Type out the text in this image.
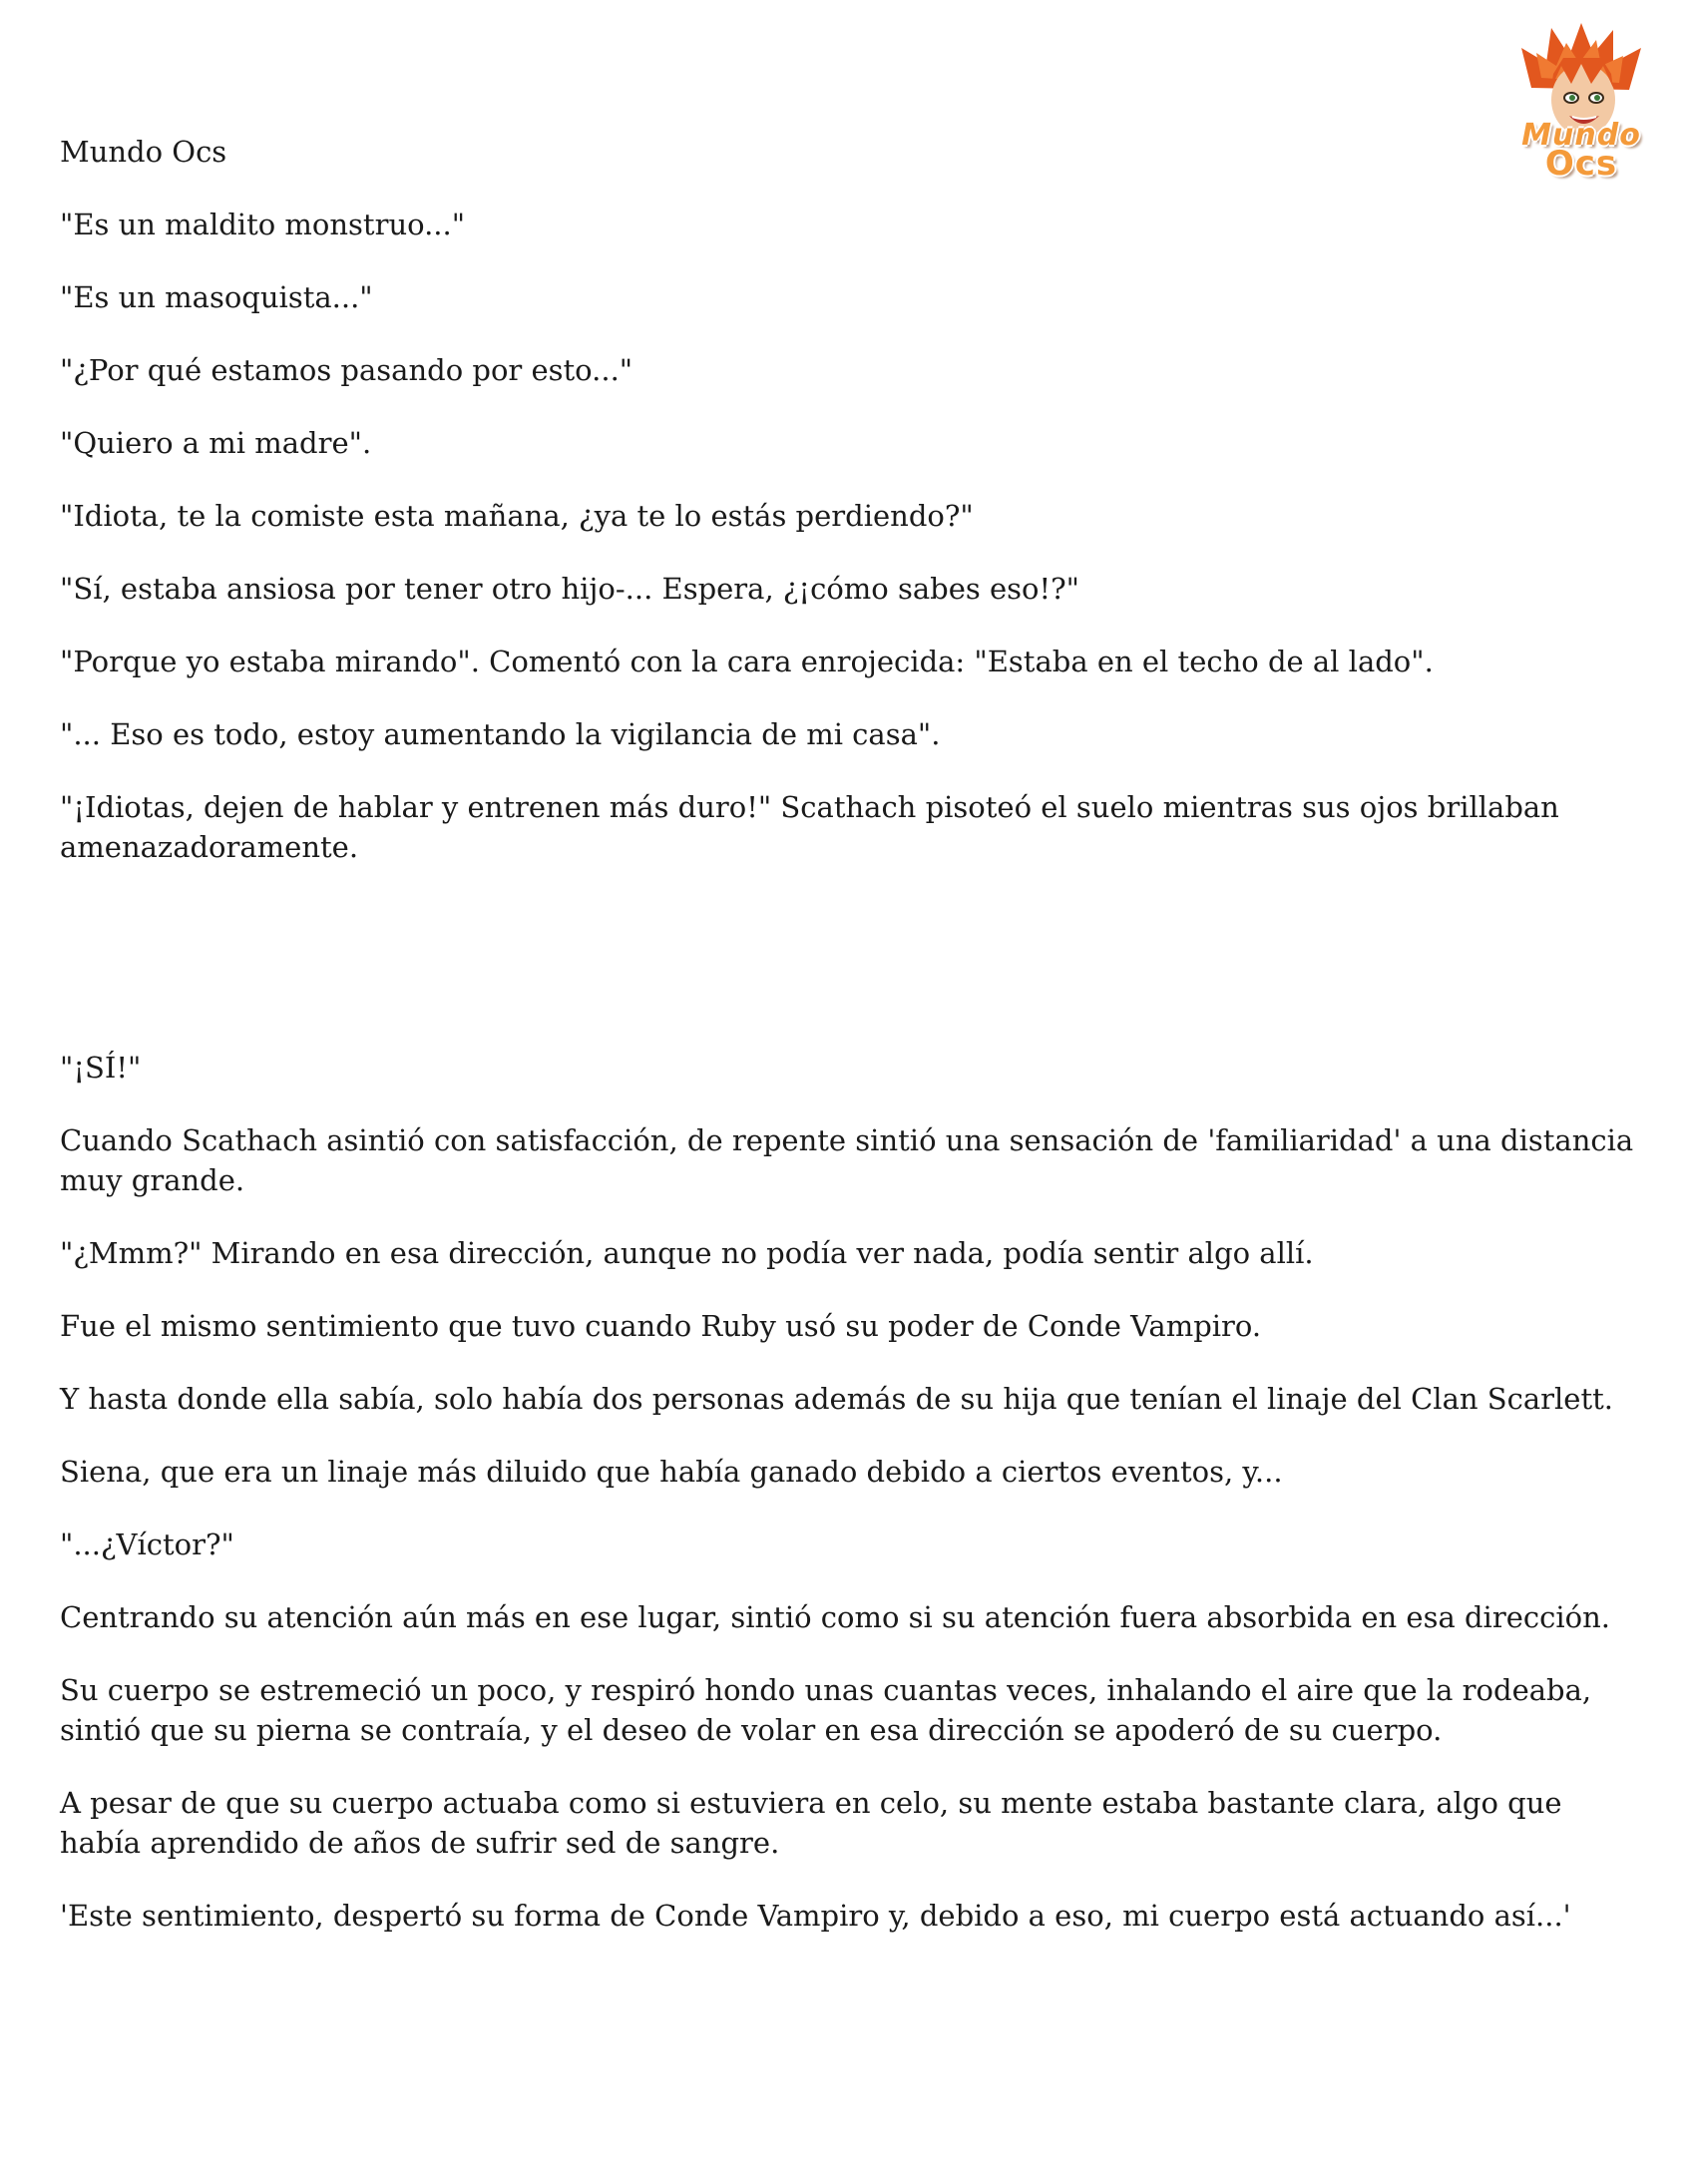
Mundo
Ocs

Mundo Ocs

"Es un maldito monstruo..."

"Es un masoquista..."

"¿Por qué estamos pasando por esto..."

"Quiero a mi madre".

"Idiota, te la comiste esta mañana, ¿ya te lo estás perdiendo?"

"Sí, estaba ansiosa por tener otro hijo-... Espera, ¿¡cómo sabes eso!?"

"Porque yo estaba mirando". Comentó con la cara enrojecida: "Estaba en el techo de al lado".

"... Eso es todo, estoy aumentando la vigilancia de mi casa".

"¡Idiotas, dejen de hablar y entrenen más duro!" Scathach pisoteó el suelo mientras sus ojos brillaban amenazadoramente.

"¡SÍ!"

Cuando Scathach asintió con satisfacción, de repente sintió una sensación de 'familiaridad' a una distancia muy grande.

"¿Mmm?" Mirando en esa dirección, aunque no podía ver nada, podía sentir algo allí.

Fue el mismo sentimiento que tuvo cuando Ruby usó su poder de Conde Vampiro.

Y hasta donde ella sabía, solo había dos personas además de su hija que tenían el linaje del Clan Scarlett.

Siena, que era un linaje más diluido que había ganado debido a ciertos eventos, y...

"...¿Víctor?"

Centrando su atención aún más en ese lugar, sintió como si su atención fuera absorbida en esa dirección.

Su cuerpo se estremeció un poco, y respiró hondo unas cuantas veces, inhalando el aire que la rodeaba, sintió que su pierna se contraía, y el deseo de volar en esa dirección se apoderó de su cuerpo.

A pesar de que su cuerpo actuaba como si estuviera en celo, su mente estaba bastante clara, algo que había aprendido de años de sufrir sed de sangre.

'Este sentimiento, despertó su forma de Conde Vampiro y, debido a eso, mi cuerpo está actuando así...'
